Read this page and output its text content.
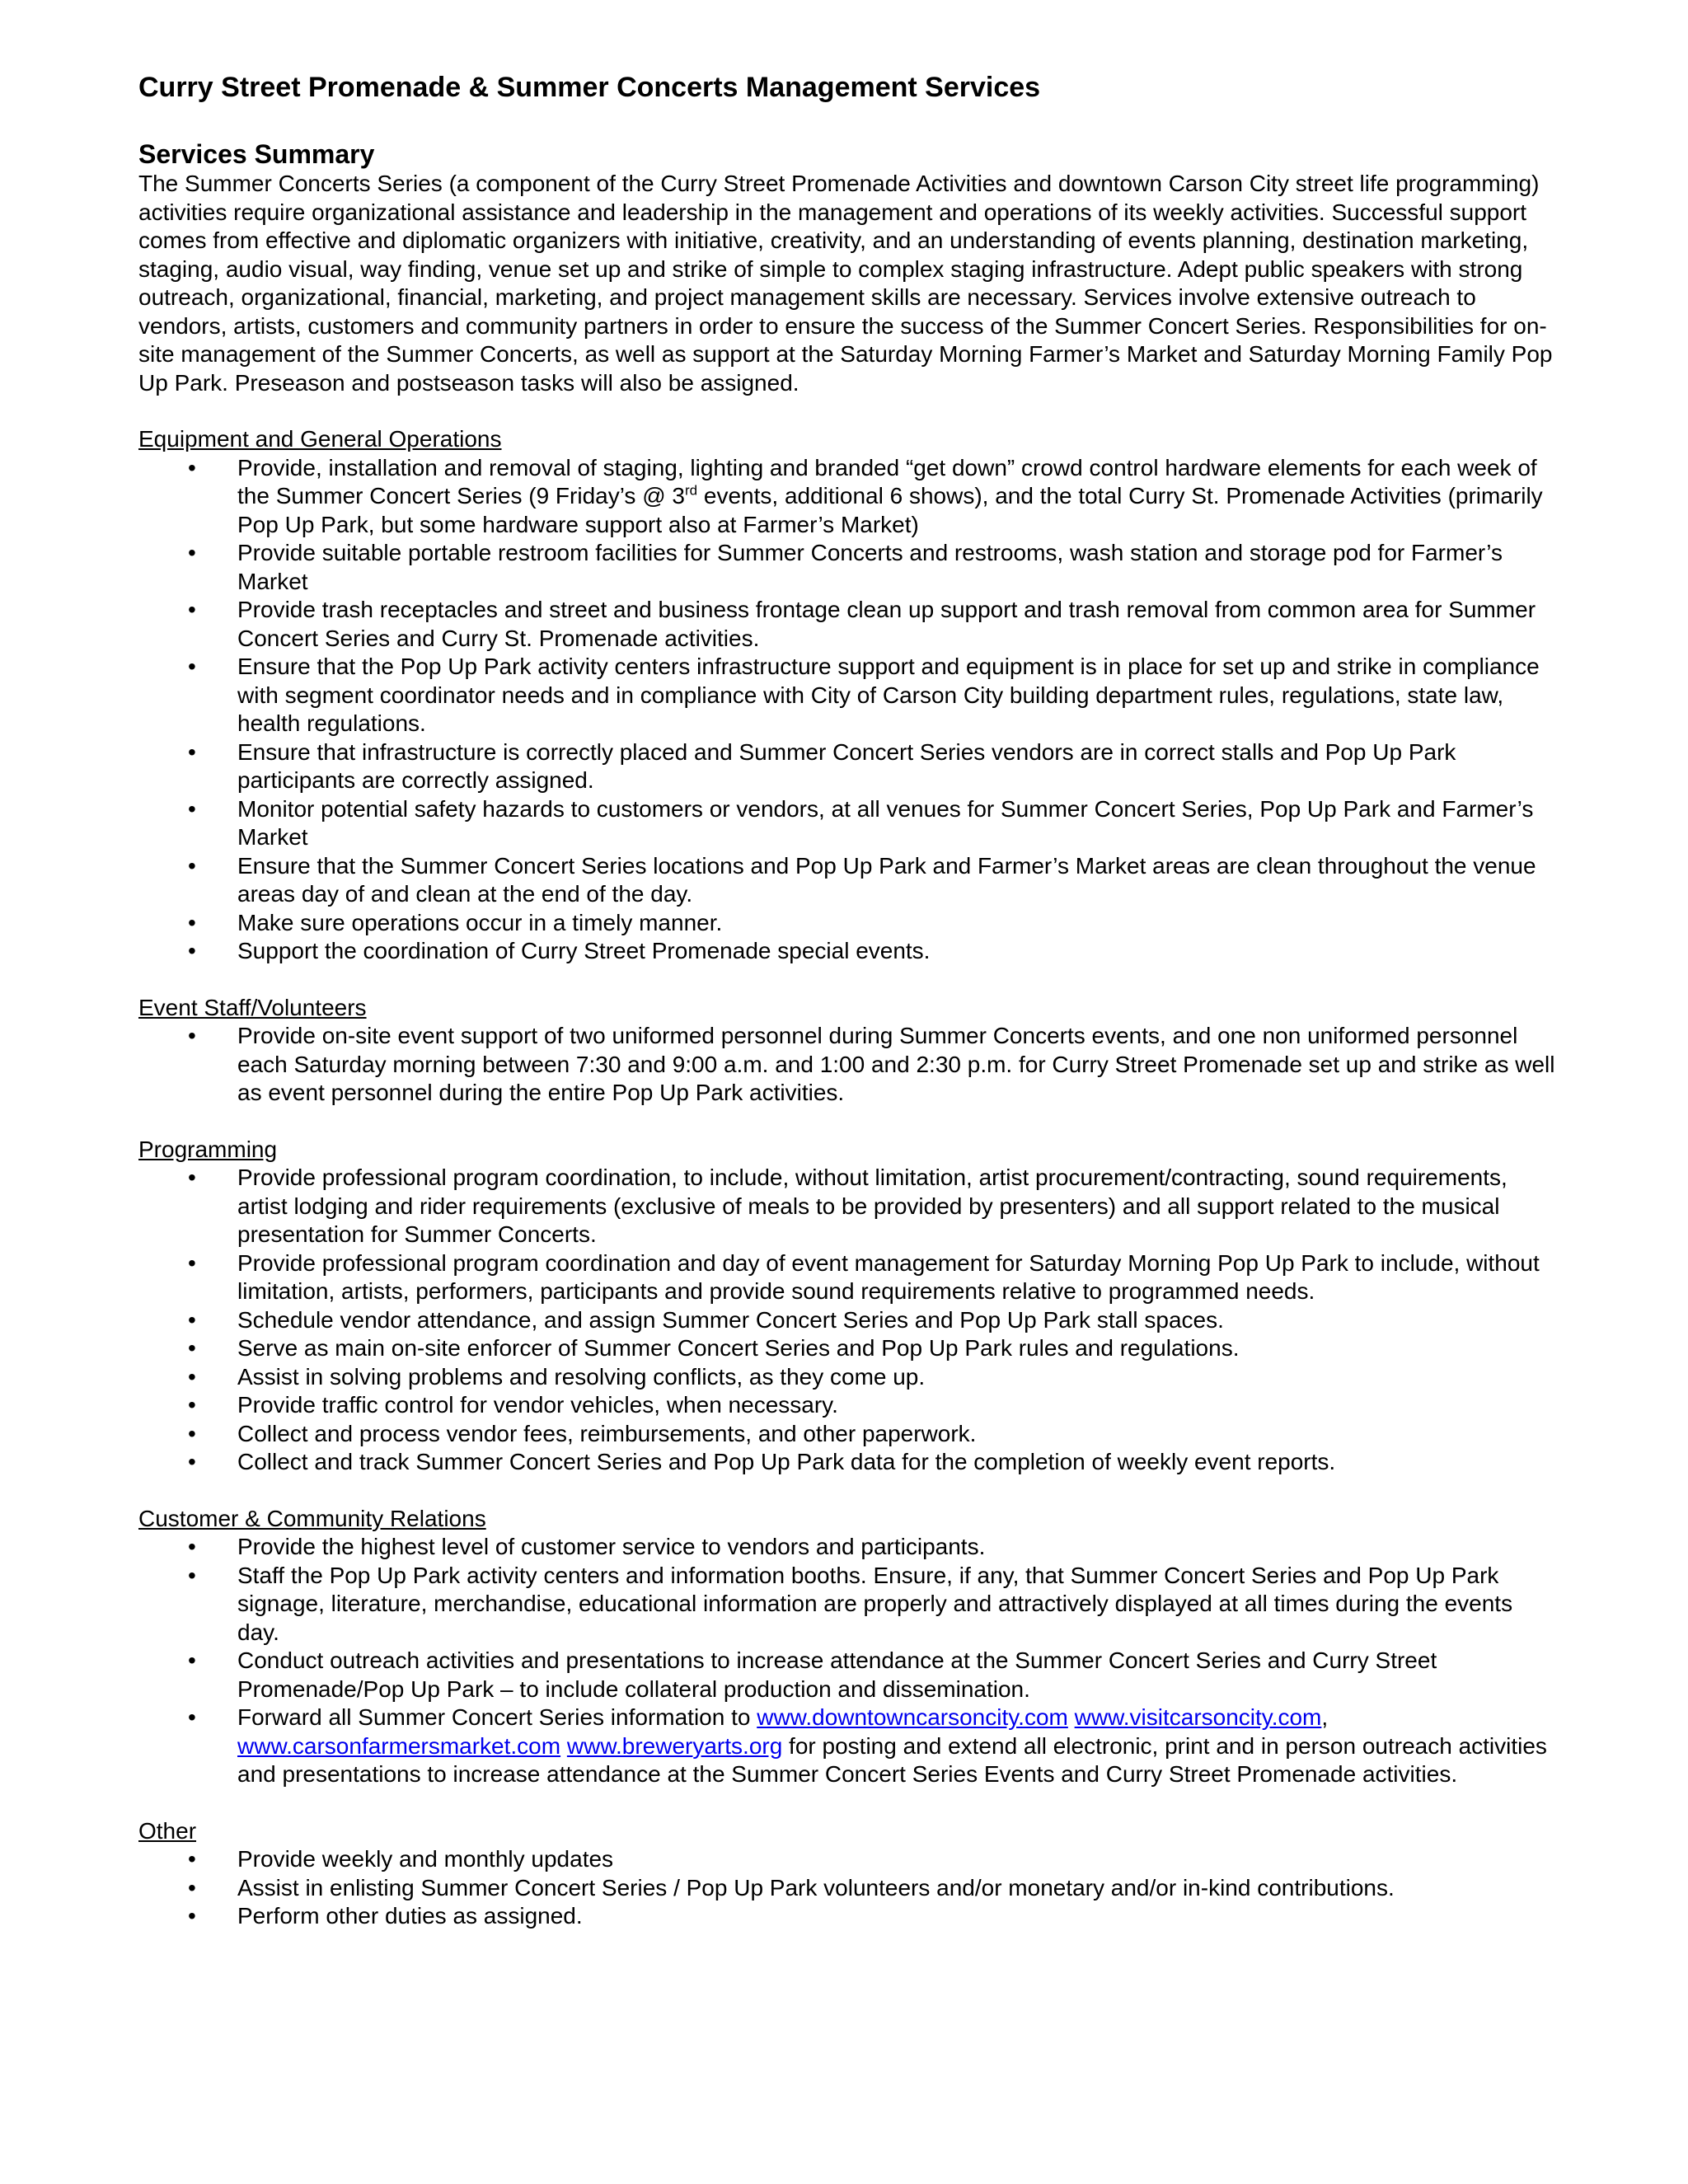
Curry Street Promenade & Summer Concerts Management Services
Services Summary

The Summer Concerts Series (a component of the Curry Street Promenade Activities and downtown Carson City street life programming) activities require organizational assistance and leadership in the management and operations of its weekly activities. Successful support comes from effective and diplomatic organizers with initiative, creativity, and an understanding of events planning, destination marketing, staging, audio visual, way finding, venue set up and strike of simple to complex staging infrastructure. Adept public speakers with strong outreach, organizational, financial, marketing, and project management skills are necessary. Services involve extensive outreach to vendors, artists, customers and community partners in order to ensure the success of the Summer Concert Series. Responsibilities for on-site management of the Summer Concerts, as well as support at the Saturday Morning Farmer’s Market and Saturday Morning Family Pop Up Park. Preseason and postseason tasks will also be assigned.

Equipment and General Operations
• Provide, installation and removal of staging, lighting and branded “get down” crowd control hardware elements for each week of the Summer Concert Series (9 Friday’s @ 3rd events, additional 6 shows), and the total Curry St. Promenade Activities (primarily Pop Up Park, but some hardware support also at Farmer’s Market)
• Provide suitable portable restroom facilities for Summer Concerts and restrooms, wash station and storage pod for Farmer’s Market
• Provide trash receptacles and street and business frontage clean up support and trash removal from common area for Summer Concert Series and Curry St. Promenade activities.
• Ensure that the Pop Up Park activity centers infrastructure support and equipment is in place for set up and strike in compliance with segment coordinator needs and in compliance with City of Carson City building department rules, regulations, state law, health regulations.
• Ensure that infrastructure is correctly placed and Summer Concert Series vendors are in correct stalls and Pop Up Park participants are correctly assigned.
• Monitor potential safety hazards to customers or vendors, at all venues for Summer Concert Series, Pop Up Park and Farmer’s Market
• Ensure that the Summer Concert Series locations and Pop Up Park and Farmer’s Market areas are clean throughout the venue areas day of and clean at the end of the day.
• Make sure operations occur in a timely manner.
• Support the coordination of Curry Street Promenade special events.
Event Staff/Volunteers
• Provide on-site event support of two uniformed personnel during Summer Concerts events, and one non uniformed personnel each Saturday morning between 7:30 and 9:00 a.m. and 1:00 and 2:30 p.m. for Curry Street Promenade set up and strike as well as event personnel during the entire Pop Up Park activities.
Programming
• Provide professional program coordination, to include, without limitation, artist procurement/contracting, sound requirements, artist lodging and rider requirements (exclusive of meals to be provided by presenters) and all support related to the musical presentation for Summer Concerts.
• Provide professional program coordination and day of event management for Saturday Morning Pop Up Park to include, without limitation, artists, performers, participants and provide sound requirements relative to programmed needs.
• Schedule vendor attendance, and assign Summer Concert Series and Pop Up Park stall spaces.
• Serve as main on-site enforcer of Summer Concert Series and Pop Up Park rules and regulations.
• Assist in solving problems and resolving conflicts, as they come up.
• Provide traffic control for vendor vehicles, when necessary.
• Collect and process vendor fees, reimbursements, and other paperwork.
• Collect and track Summer Concert Series and Pop Up Park data for the completion of weekly event reports.
Customer & Community Relations
• Provide the highest level of customer service to vendors and participants.
• Staff the Pop Up Park activity centers and information booths. Ensure, if any, that Summer Concert Series and Pop Up Park signage, literature, merchandise, educational information are properly and attractively displayed at all times during the events day.
• Conduct outreach activities and presentations to increase attendance at the Summer Concert Series and Curry Street Promenade/Pop Up Park – to include collateral production and dissemination.
• Forward all Summer Concert Series information to www.downtowncarsoncity.com www.visitcarsoncity.com, www.carsonfarmersmarket.com www.breweryarts.org for posting and extend all electronic, print and in person outreach activities and presentations to increase attendance at the Summer Concert Series Events and Curry Street Promenade activities.
Other
• Provide weekly and monthly updates
• Assist in enlisting Summer Concert Series / Pop Up Park volunteers and/or monetary and/or in-kind contributions.
• Perform other duties as assigned.
